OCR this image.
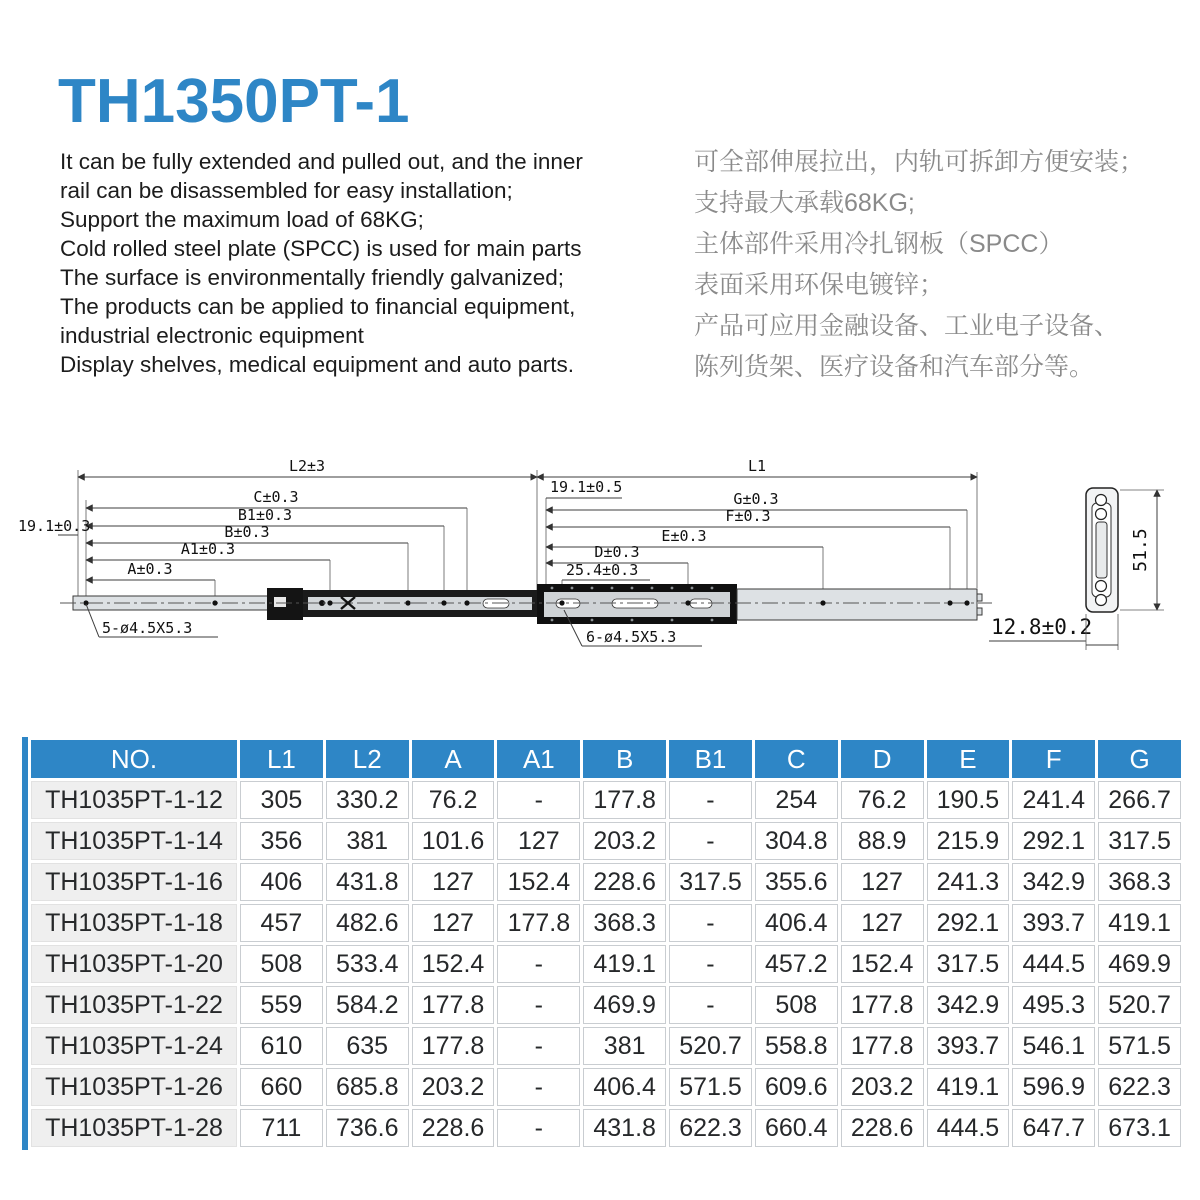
TH1350PT-1
It can be fully extended and pulled out, and the inner
rail can be disassembled for easy installation;
Support the maximum load of 68KG;
Cold rolled steel plate (SPCC) is used for main parts
The surface is environmentally friendly galvanized;
The products can be applied to financial equipment,
industrial electronic equipment
Display shelves, medical equipment and auto parts.
可全部伸展拉出，内轨可拆卸方便安装；
支持最大承载68KG;
主体部件采用冷扎钢板（SPCC）
表面采用环保电镀锌；
产品可应用金融设备、工业电子设备、
陈列货架、医疗设备和汽车部分等。
L2±3	L1
C±0.3
B1±0.3
B±0.3
A1±0.3
A±0.3
19.1±0.3
G±0.3
F±0.3
E±0.3
D±0.3
19.1±0.5
25.4±0.3
5-ø4.5X5.3	6-ø4.5X5.3
51.5
12.8±0.2
NO.	L1	L2	A	A1	B	B1	C	D	E	F	G
TH1035PT-1-12	305	330.2	76.2	-	177.8	-	254	76.2	190.5	241.4	266.7
TH1035PT-1-14	356	381	101.6	127	203.2	-	304.8	88.9	215.9	292.1	317.5
TH1035PT-1-16	406	431.8	127	152.4	228.6	317.5	355.6	127	241.3	342.9	368.3
TH1035PT-1-18	457	482.6	127	177.8	368.3	-	406.4	127	292.1	393.7	419.1
TH1035PT-1-20	508	533.4	152.4	-	419.1	-	457.2	152.4	317.5	444.5	469.9
TH1035PT-1-22	559	584.2	177.8	-	469.9	-	508	177.8	342.9	495.3	520.7
TH1035PT-1-24	610	635	177.8	-	381	520.7	558.8	177.8	393.7	546.1	571.5
TH1035PT-1-26	660	685.8	203.2	-	406.4	571.5	609.6	203.2	419.1	596.9	622.3
TH1035PT-1-28	711	736.6	228.6	-	431.8	622.3	660.4	228.6	444.5	647.7	673.1
